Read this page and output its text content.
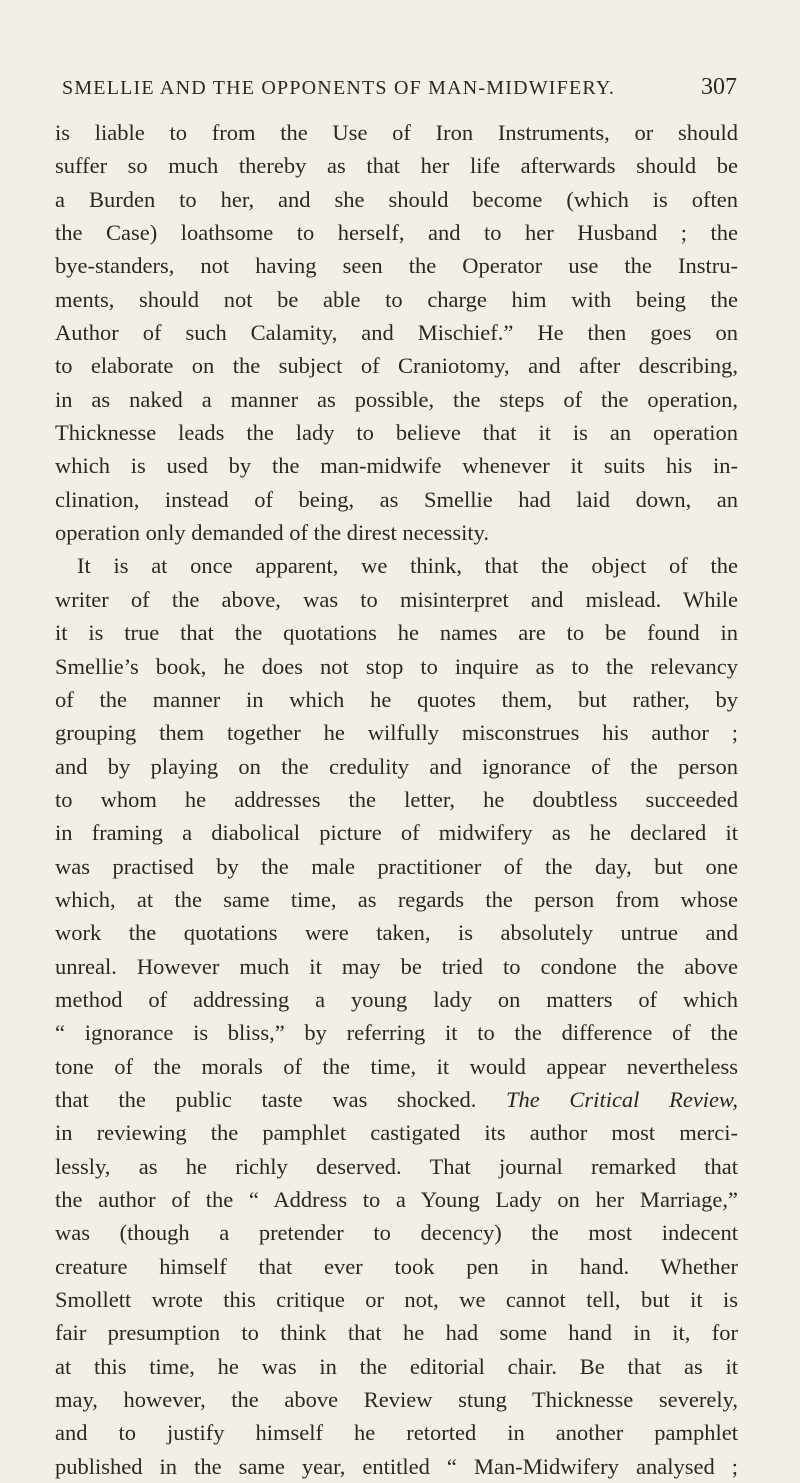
SMELLIE AND THE OPPONENTS OF MAN-MIDWIFERY.	307
is liable to from the Use of Iron Instruments, or should
suffer so much thereby as that her life afterwards should be
a Burden to her, and she should become (which is often
the Case) loathsome to herself, and to her Husband ; the
bye-standers, not having seen the Operator use the Instru-
ments, should not be able to charge him with being the
Author of such Calamity, and Mischief.” He then goes on
to elaborate on the subject of Craniotomy, and after describing,
in as naked a manner as possible, the steps of the operation,
Thicknesse leads the lady to believe that it is an operation
which is used by the man-midwife whenever it suits his in-
clination, instead of being, as Smellie had laid down, an
operation only demanded of the direst necessity.
It is at once apparent, we think, that the object of the
writer of the above, was to misinterpret and mislead. While
it is true that the quotations he names are to be found in
Smellie’s book, he does not stop to inquire as to the relevancy
of the manner in which he quotes them, but rather, by
grouping them together he wilfully misconstrues his author ;
and by playing on the credulity and ignorance of the person
to whom he addresses the letter, he doubtless succeeded
in framing a diabolical picture of midwifery as he declared it
was practised by the male practitioner of the day, but one
which, at the same time, as regards the person from whose
work the quotations were taken, is absolutely untrue and
unreal. However much it may be tried to condone the above
method of addressing a young lady on matters of which
“ ignorance is bliss,” by referring it to the difference of the
tone of the morals of the time, it would appear nevertheless
that the public taste was shocked. The Critical Review,
in reviewing the pamphlet castigated its author most merci-
lessly, as he richly deserved. That journal remarked that
the author of the “ Address to a Young Lady on her Marriage,”
was (though a pretender to decency) the most indecent
creature himself that ever took pen in hand. Whether
Smollett wrote this critique or not, we cannot tell, but it is
fair presumption to think that he had some hand in it, for
at this time, he was in the editorial chair. Be that as it
may, however, the above Review stung Thicknesse severely,
and to justify himself he retorted in another pamphlet
published in the same year, entitled “ Man-Midwifery analysed ;
